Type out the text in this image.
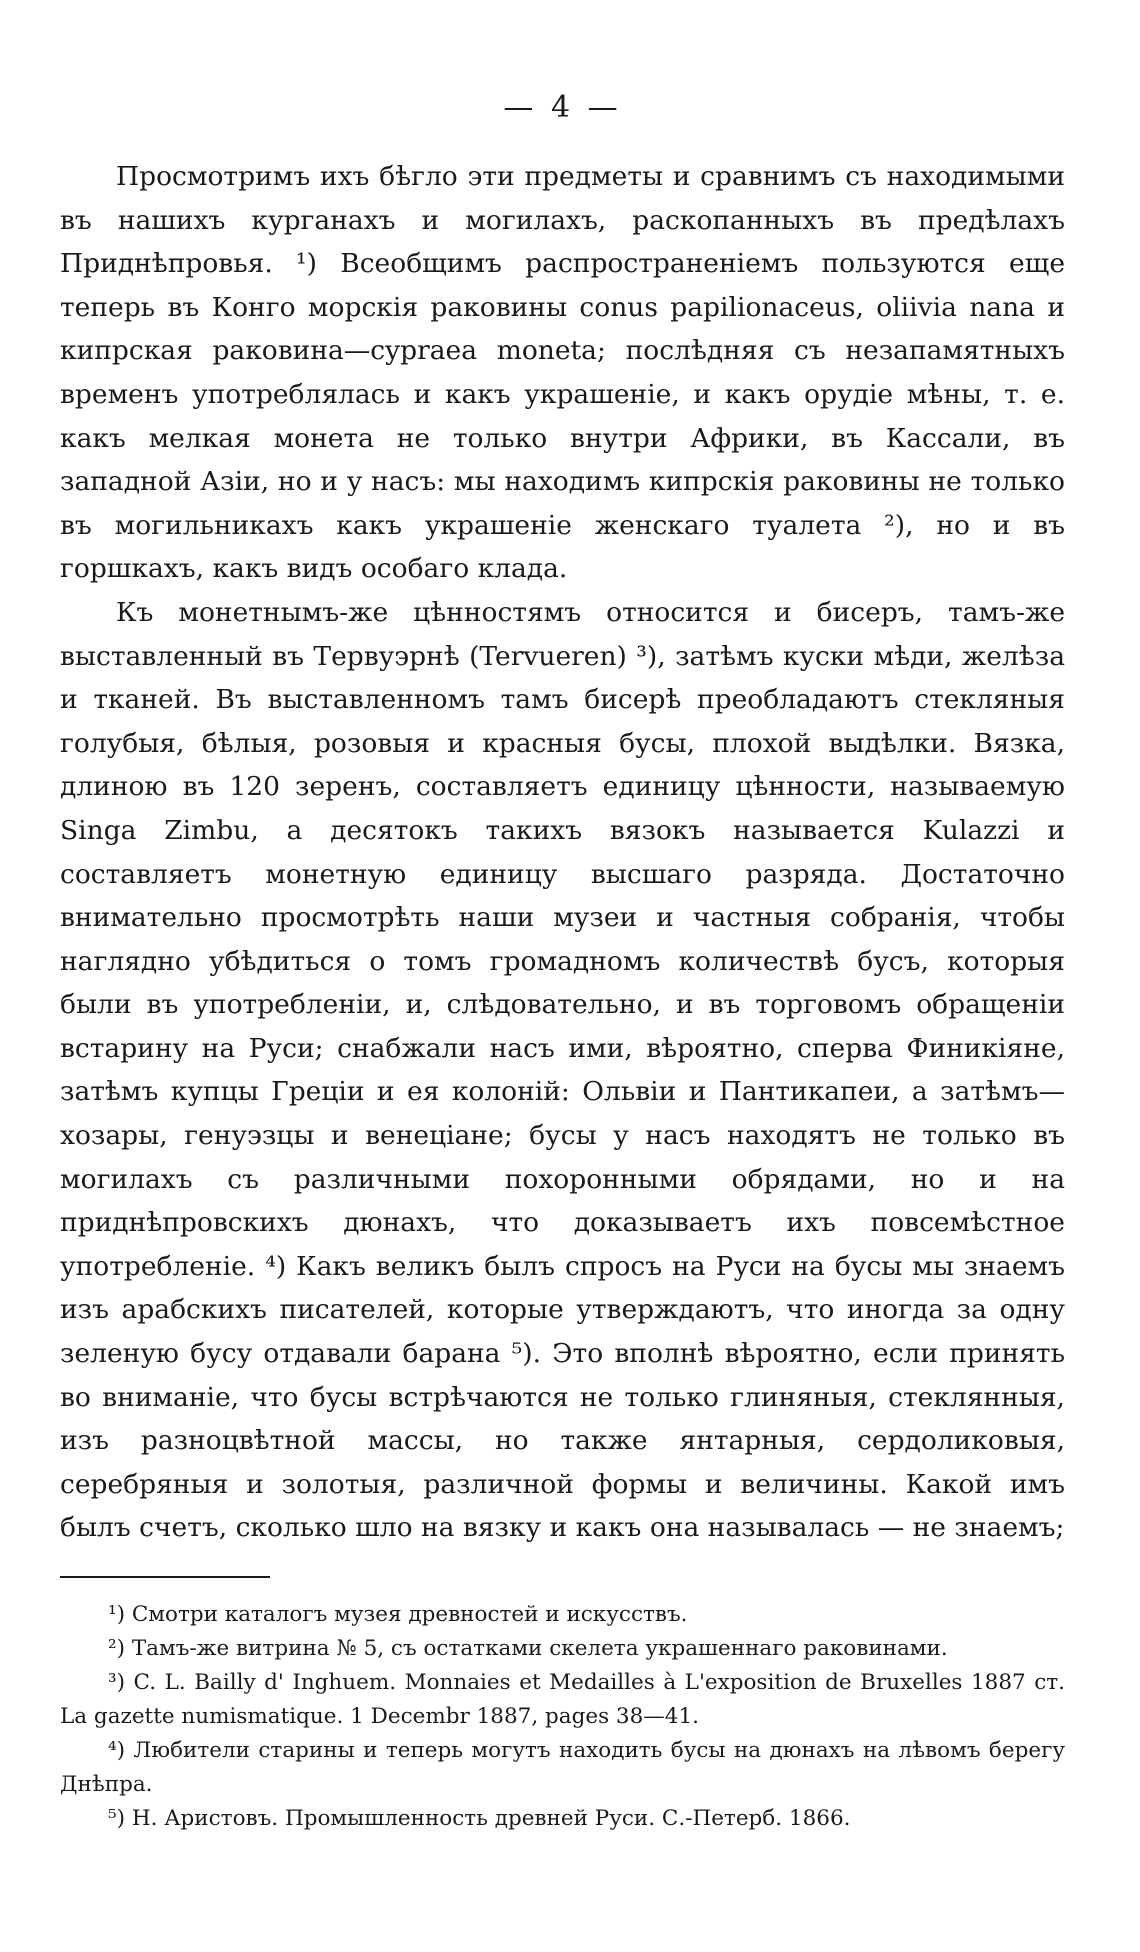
— 4 —

Просмотримъ ихъ бѣгло эти предметы и сравнимъ съ находимыми въ нашихъ курганахъ и могилахъ, раскопанныхъ въ предѣлахъ Приднѣпровья. ¹) Всеобщимъ распространеніемъ пользуются еще теперь въ Конго морскія раковины conus papilionaceus, oliivia nana и кипрская раковина—cypraea moneta; послѣдняя съ незапамятныхъ временъ употреблялась и какъ украшеніе, и какъ орудіе мѣны, т. е. какъ мелкая монета не только внутри Африки, въ Кассали, въ западной Азіи, но и у насъ: мы находимъ кипрскія раковины не только въ могильникахъ какъ украшеніе женскаго туалета ²), но и въ горшкахъ, какъ видъ особаго клада.

Къ монетнымъ-же цѣнностямъ относится и бисеръ, тамъ-же выставленный въ Тервуэрнѣ (Tervueren) ³), затѣмъ куски мѣди, желѣза и тканей. Въ выставленномъ тамъ бисерѣ преобладаютъ стекляныя голубыя, бѣлыя, розовыя и красныя бусы, плохой выдѣлки. Вязка, длиною въ 120 зеренъ, составляетъ единицу цѣнности, называемую Singa Zimbu, а десятокъ такихъ вязокъ называется Kulazzi и составляетъ монетную единицу высшаго разряда. Достаточно внимательно просмотрѣть наши музеи и частныя собранія, чтобы наглядно убѣдиться о томъ громадномъ количествѣ бусъ, которыя были въ употребленіи, и, слѣдовательно, и въ торговомъ обращеніи встарину на Руси; снабжали насъ ими, вѣроятно, сперва Финикіяне, затѣмъ купцы Греціи и ея колоній: Ольвіи и Пантикапеи, а затѣмъ—хозары, генуэзцы и венеціане; бусы у насъ находятъ не только въ могилахъ съ различными похоронными обрядами, но и на приднѣпровскихъ дюнахъ, что доказываетъ ихъ повсемѣстное употребленіе. ⁴) Какъ великъ былъ спросъ на Руси на бусы мы знаемъ изъ арабскихъ писателей, которые утверждаютъ, что иногда за одну зеленую бусу отдавали барана ⁵). Это вполнѣ вѣроятно, если принять во вниманіе, что бусы встрѣчаются не только глиняныя, стеклянныя, изъ разноцвѣтной массы, но также янтарныя, сердоликовыя, серебряныя и золотыя, различной формы и величины. Какой имъ былъ счетъ, сколько шло на вязку и какъ она называлась — не знаемъ;

¹) Смотри каталогъ музея древностей и искусствъ.

²) Тамъ-же витрина № 5, съ остатками скелета украшеннаго раковинами.

³) C. L. Bailly d' Inghuem. Monnaies et Medailles à L'exposition de Bruxelles 1887 ст. La gazette numismatique. 1 Decembr 1887, pages 38—41.

⁴) Любители старины и теперь могутъ находить бусы на дюнахъ на лѣвомъ берегу Днѣпра.

⁵) Н. Аристовъ. Промышленность древней Руси. С.-Петерб. 1866.
